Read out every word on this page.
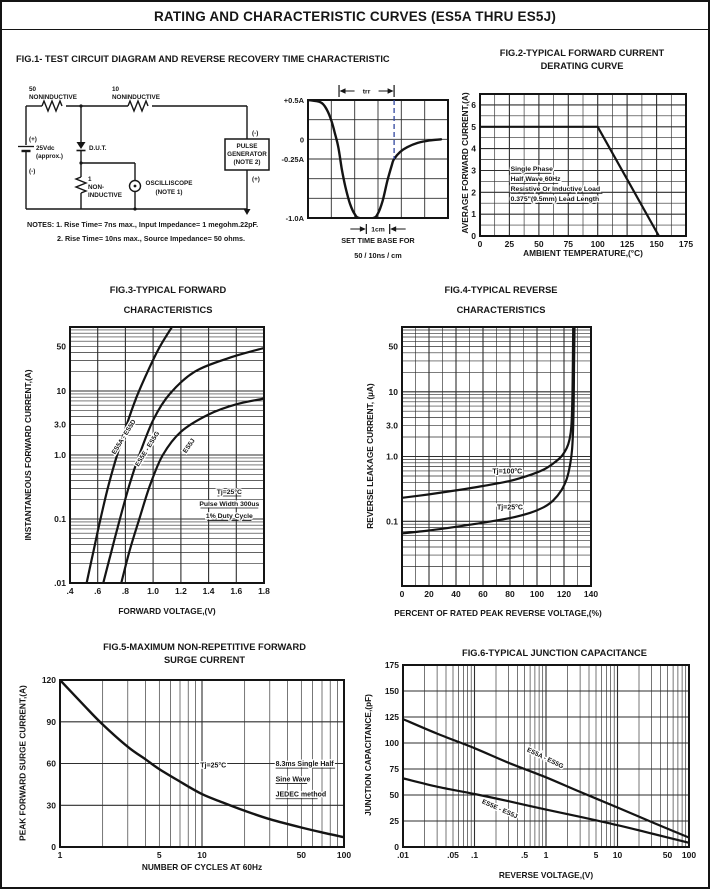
RATING AND CHARACTERISTIC CURVES (ES5A THRU ES5J)
FIG.1- TEST CIRCUIT DIAGRAM AND REVERSE RECOVERY TIME CHARACTERISTIC
50
NONINDUCTIVE
10
NONINDUCTIVE
(+)
25Vdc
(approx.)
(-)
D.U.T.
1
NON-
INDUCTIVE
OSCILLISCOPE
(NOTE 1)
PULSE
GENERATOR
(NOTE 2)
(-)
(+)
NOTES: 1. Rise Time= 7ns max., Input Impedance= 1 megohm.22pF.
2. Rise Time= 10ns max., Source Impedance= 50 ohms.
trr
1cm
+0.5A
0
-0.25A
-1.0A
SET TIME BASE FOR
50 / 10ns / cm
FIG.2-TYPICAL FORWARD CURRENT
DERATING CURVE
AVERAGE FORWARD CURRENT,(A)	Single Phase
Half Wave 60Hz
Resistive Or Inductive Load
0.375"(9.5mm) Lead Length
0	25 50 75 100 125 150 175
0
1
2
3
4
5
6
AMBIENT TEMPERATURE,(°C)
FIG.3-TYPICAL FORWARD
CHARACTERISTICS
INSTANTANEOUS FORWARD CURRENT,(A)	ES5A - ES5D
ES5E - ES5G	ES5J
Tj=25°C
Pulse Width 300us
1% Duty Cycle
.4 .6 .8 1.0 1.2 1.4 1.6 1.8
50
10
3.0
1.0
0.1
.01
FORWARD VOLTAGE,(V)
FIG.4-TYPICAL REVERSE
CHARACTERISTICS
REVERSE LEAKAGE CURRENT, (µA)	Tj=100°C
Tj=25°C
0 20 40 60 80 100 120 140
50
10
3.0
1.0
0.1
PERCENT OF RATED PEAK REVERSE VOLTAGE,(%)
FIG.5-MAXIMUM NON-REPETITIVE FORWARD
SURGE CURRENT
PEAK FORWARD SURGE CURRENT,(A)	Tj=25°C	8.3ms Single Half
Sine Wave
JEDEC method
1	5	10	50	100
0
30
60
90
120
NUMBER OF CYCLES AT 60Hz
FIG.6-TYPICAL JUNCTION CAPACITANCE
JUNCTION CAPACITANCE,(pF)	ES5A - ES5G
ES5E - ES5J
.01	.05 .1	.5 1	5 10	50 100
0
25
50
75
100
125
150
175
REVERSE VOLTAGE,(V)
